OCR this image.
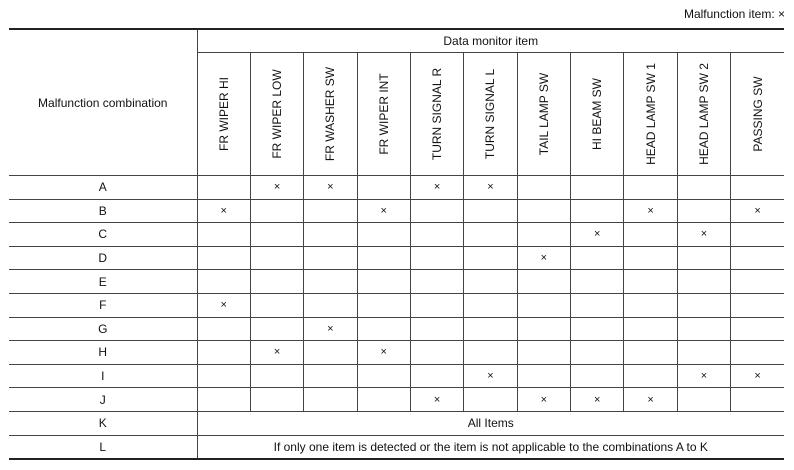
Malfunction item: ×
Malfunction combination	Data monitor item										

	FR WIPER HI	FR WIPER LOW	FR WASHER SW	FR WIPER INT	TURN SIGNAL R	TURN SIGNAL L	TAIL LAMP SW	HI BEAM SW	HEAD LAMP SW 1	HEAD LAMP SW 2	PASSING SW

A		×	×		×	×					
B	×			×					×		×
C								×		×	
D							×				
E											
F	×										
G			×								
H		×		×							
I						×				×	×
J					×		×	×	×		
K	All Items										
L	If only one item is detected or the item is not applicable to the combinations A to K										
